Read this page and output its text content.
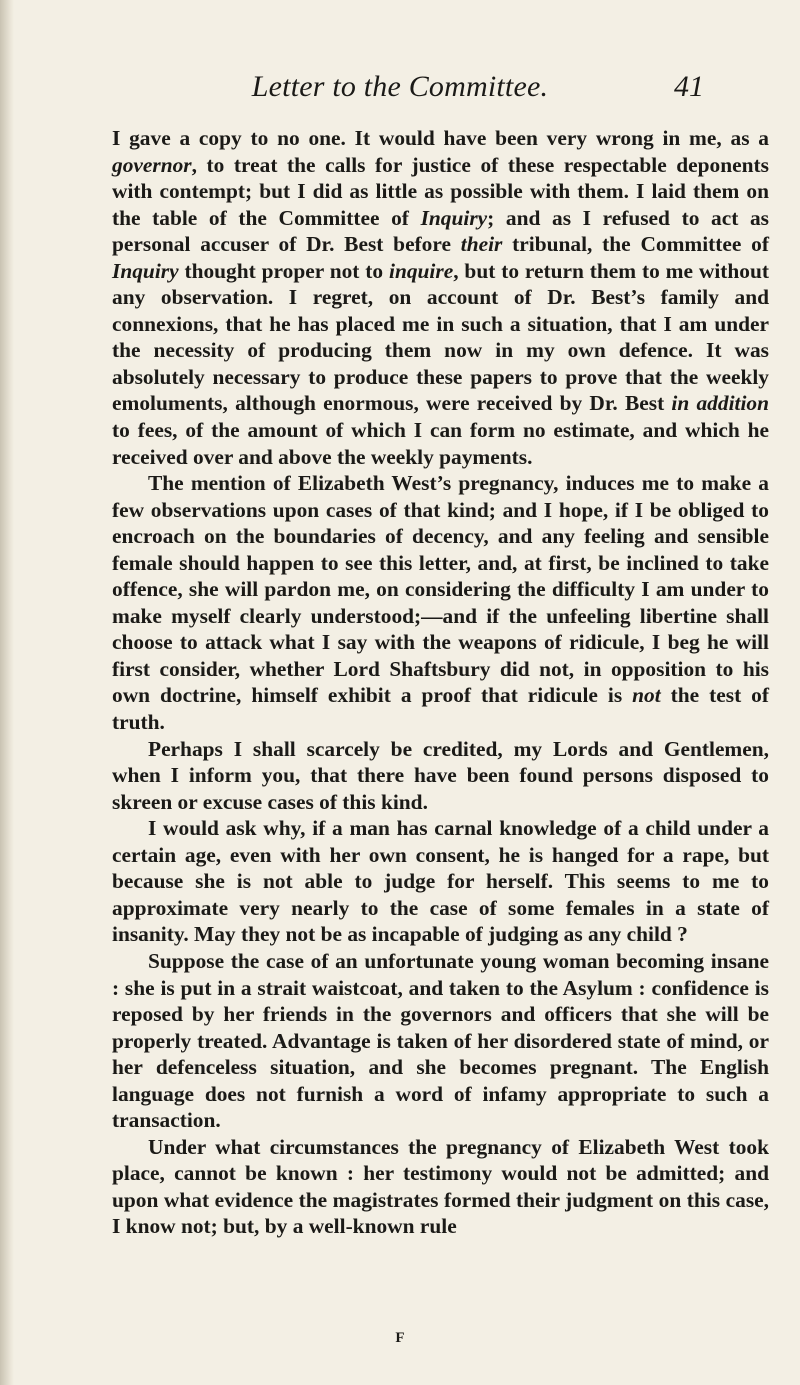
Letter to the Committee.	41

I gave a copy to no one. It would have been very wrong in me, as a governor, to treat the calls for justice of these respectable deponents with contempt; but I did as little as possible with them. I laid them on the table of the Committee of Inquiry; and as I refused to act as personal accuser of Dr. Best before their tribunal, the Committee of Inquiry thought proper not to inquire, but to return them to me without any observation. I regret, on account of Dr. Best’s family and connexions, that he has placed me in such a situation, that I am under the necessity of producing them now in my own defence. It was absolutely necessary to produce these papers to prove that the weekly emoluments, although enormous, were received by Dr. Best in addition to fees, of the amount of which I can form no estimate, and which he received over and above the weekly payments.

The mention of Elizabeth West’s pregnancy, induces me to make a few observations upon cases of that kind; and I hope, if I be obliged to encroach on the boundaries of decency, and any feeling and sensible female should happen to see this letter, and, at first, be inclined to take offence, she will pardon me, on considering the difficulty I am under to make myself clearly understood;—and if the unfeeling libertine shall choose to attack what I say with the weapons of ridicule, I beg he will first consider, whether Lord Shaftsbury did not, in opposition to his own doctrine, himself exhibit a proof that ridicule is not the test of truth.

Perhaps I shall scarcely be credited, my Lords and Gentlemen, when I inform you, that there have been found persons disposed to skreen or excuse cases of this kind.

I would ask why, if a man has carnal knowledge of a child under a certain age, even with her own consent, he is hanged for a rape, but because she is not able to judge for herself. This seems to me to approximate very nearly to the case of some females in a state of insanity. May they not be as incapable of judging as any child ?

Suppose the case of an unfortunate young woman becoming insane : she is put in a strait waistcoat, and taken to the Asylum : confidence is reposed by her friends in the governors and officers that she will be properly treated. Advantage is taken of her disordered state of mind, or her defenceless situation, and she becomes pregnant. The English language does not furnish a word of infamy appropriate to such a transaction.

Under what circumstances the pregnancy of Elizabeth West took place, cannot be known : her testimony would not be admitted; and upon what evidence the magistrates formed their judgment on this case, I know not; but, by a well-known rule

F
